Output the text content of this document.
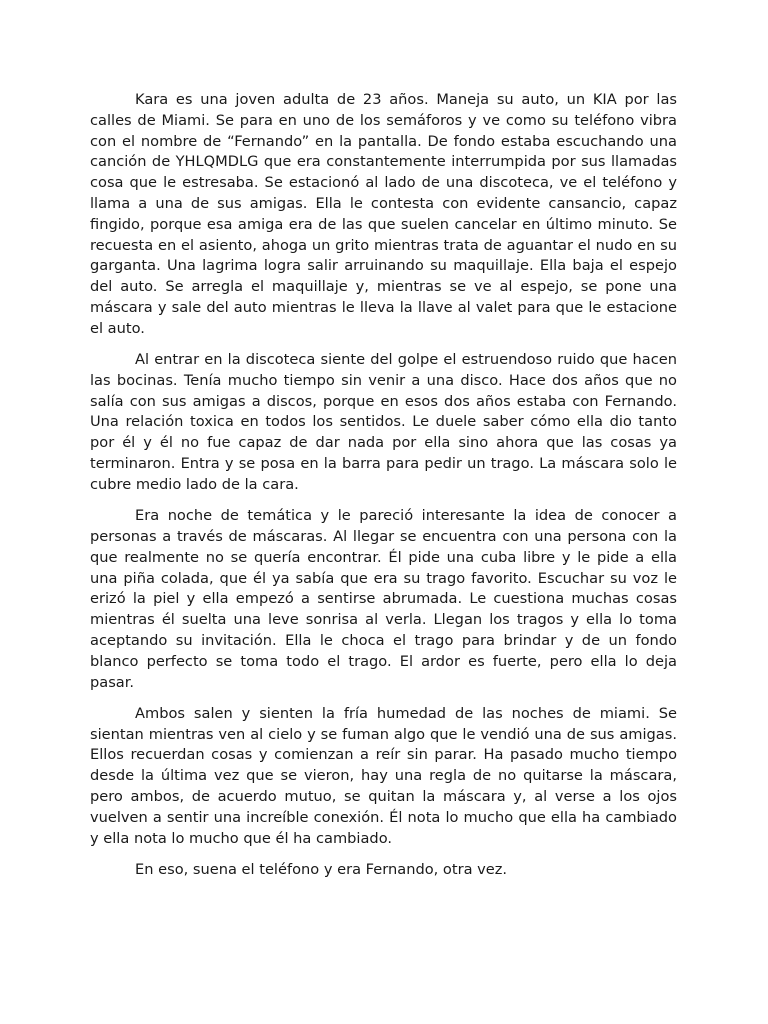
Kara es una joven adulta de 23 años. Maneja su auto, un KIA por las calles de Miami. Se para en uno de los semáforos y ve como su teléfono vibra con el nombre de “Fernando” en la pantalla. De fondo estaba escuchando una canción de YHLQMDLG que era constantemente interrumpida por sus llamadas cosa que le estresaba. Se estacionó al lado de una discoteca, ve el teléfono y llama a una de sus amigas. Ella le contesta con evidente cansancio, capaz fingido, porque esa amiga era de las que suelen cancelar en último minuto. Se recuesta en el asiento, ahoga un grito mientras trata de aguantar el nudo en su garganta. Una lagrima logra salir arruinando su maquillaje. Ella baja el espejo del auto. Se arregla el maquillaje y, mientras se ve al espejo, se pone una máscara y sale del auto mientras le lleva la llave al valet para que le estacione el auto.

Al entrar en la discoteca siente del golpe el estruendoso ruido que hacen las bocinas. Tenía mucho tiempo sin venir a una disco. Hace dos años que no salía con sus amigas a discos, porque en esos dos años estaba con Fernando. Una relación toxica en todos los sentidos. Le duele saber cómo ella dio tanto por él y él no fue capaz de dar nada por ella sino ahora que las cosas ya terminaron. Entra y se posa en la barra para pedir un trago. La máscara solo le cubre medio lado de la cara.

Era noche de temática y le pareció interesante la idea de conocer a personas a través de máscaras. Al llegar se encuentra con una persona con la que realmente no se quería encontrar. Él pide una cuba libre y le pide a ella una piña colada, que él ya sabía que era su trago favorito. Escuchar su voz le erizó la piel y ella empezó a sentirse abrumada. Le cuestiona muchas cosas mientras él suelta una leve sonrisa al verla. Llegan los tragos y ella lo toma aceptando su invitación. Ella le choca el trago para brindar y de un fondo blanco perfecto se toma todo el trago. El ardor es fuerte, pero ella lo deja pasar.

Ambos salen y sienten la fría humedad de las noches de miami. Se sientan mientras ven al cielo y se fuman algo que le vendió una de sus amigas. Ellos recuerdan cosas y comienzan a reír sin parar. Ha pasado mucho tiempo desde la última vez que se vieron, hay una regla de no quitarse la máscara, pero ambos, de acuerdo mutuo, se quitan la máscara y, al verse a los ojos vuelven a sentir una increíble conexión. Él nota lo mucho que ella ha cambiado y ella nota lo mucho que él ha cambiado.

En eso, suena el teléfono y era Fernando, otra vez.
